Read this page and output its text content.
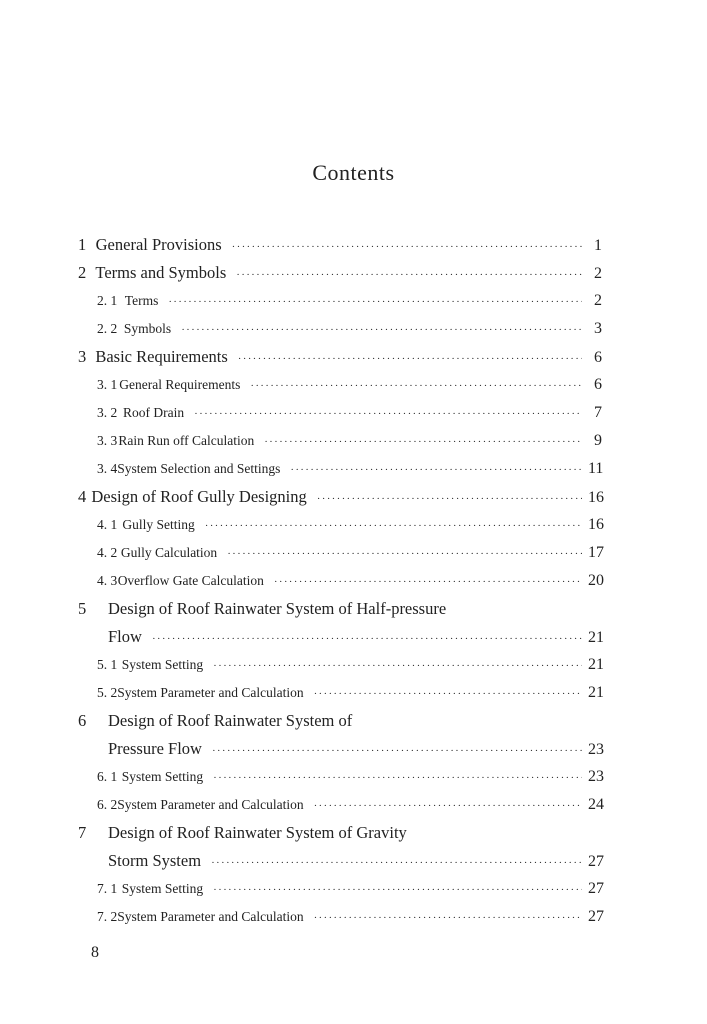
Contents
1 General Provisions ·····	1
2 Terms and Symbols ·····	2
2. 1 Terms ·····	2
2. 2 Symbols ·····	3
3 Basic Requirements ·····	6
3. 1 General Requirements ·····	6
3. 2 Roof Drain ·····	7
3. 3 Rain Run off Calculation ·····	9
3. 4 System Selection and Settings ·····	11
4 Design of Roof Gully Designing ·····	16
4. 1 Gully Setting ·····	16
4. 2 Gully Calculation ·····	17
4. 3 Overflow Gate Calculation ·····	20
5 Design of Roof Rainwater System of Half-pressure
Flow ·····	21
5. 1 System Setting ·····	21
5. 2 System Parameter and Calculation ·····	21
6 Design of Roof Rainwater System of
Pressure Flow ·····	23
6. 1 System Setting ·····	23
6. 2 System Parameter and Calculation ·····	24
7 Design of Roof Rainwater System of Gravity
Storm System ·····	27
7. 1 System Setting ·····	27
7. 2 System Parameter and Calculation ·····	27
8
